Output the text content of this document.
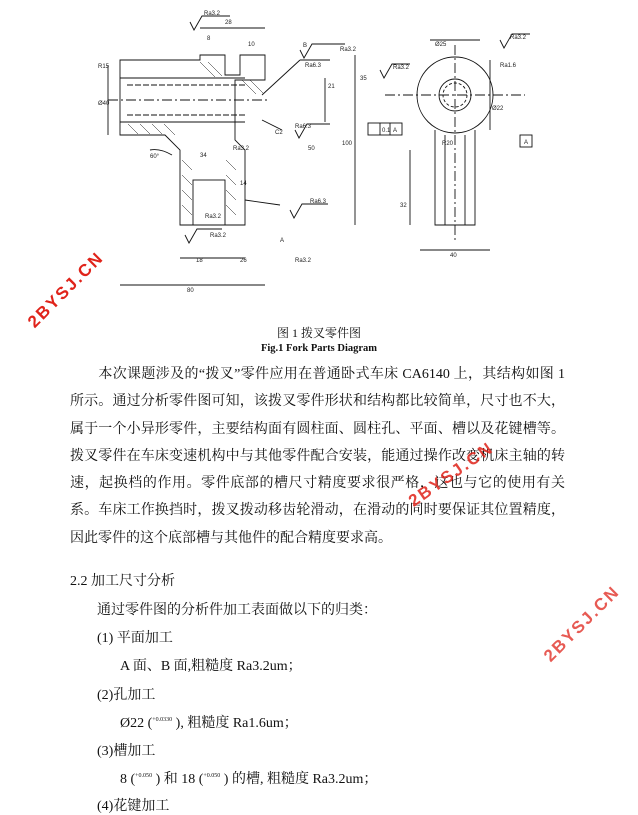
28
8
10
Ra3.2
B
Ra3.2
Ra6.3
21
50
100
R15
Ø40
C2
Ra6.3
34
60°
Ra3.2
14
Ra6.3
Ra3.2
Ra3.2
A
Ra3.2
18	26
80
Ø25
Ra3.2
Ra1.6
Ø22
R20
32
40
0.1 A
A
Ra3.2
35
图 1 拨叉零件图
Fig.1 Fork Parts Diagram
本次课题涉及的“拨叉”零件应用在普通卧式车床 CA6140 上，其结构如图 1 所示。通过分析零件图可知，该拨叉零件形状和结构都比较简单，尺寸也不大，属于一个小异形零件，主要结构面有圆柱面、圆柱孔、平面、槽以及花键槽等。拨叉零件在车床变速机构中与其他零件配合安装，能通过操作改变机床主轴的转速，起换档的作用。零件底部的槽尺寸精度要求很严格，这也与它的使用有关系。车床工作换挡时，拨叉拨动移齿轮滑动，在滑动的同时要保证其位置精度，因此零件的这个底部槽与其他件的配合精度要求高。
2.2 加工尺寸分析
通过零件图的分析件加工表面做以下的归类：
(1) 平面加工
A 面、B 面,粗糙度 Ra3.2um；
(2)孔加工
Ø22 ($^{+0.0330}$ ), 粗糙度 Ra1.6um；
(3)槽加工
8 ($^{+0.050}$ ) 和 18 ($^{+0.050}$ ) 的槽, 粗糙度 Ra3.2um；
(4)花键加工
2BYSJ.CN
2BYSJ.CN
2BYSJ.CN
